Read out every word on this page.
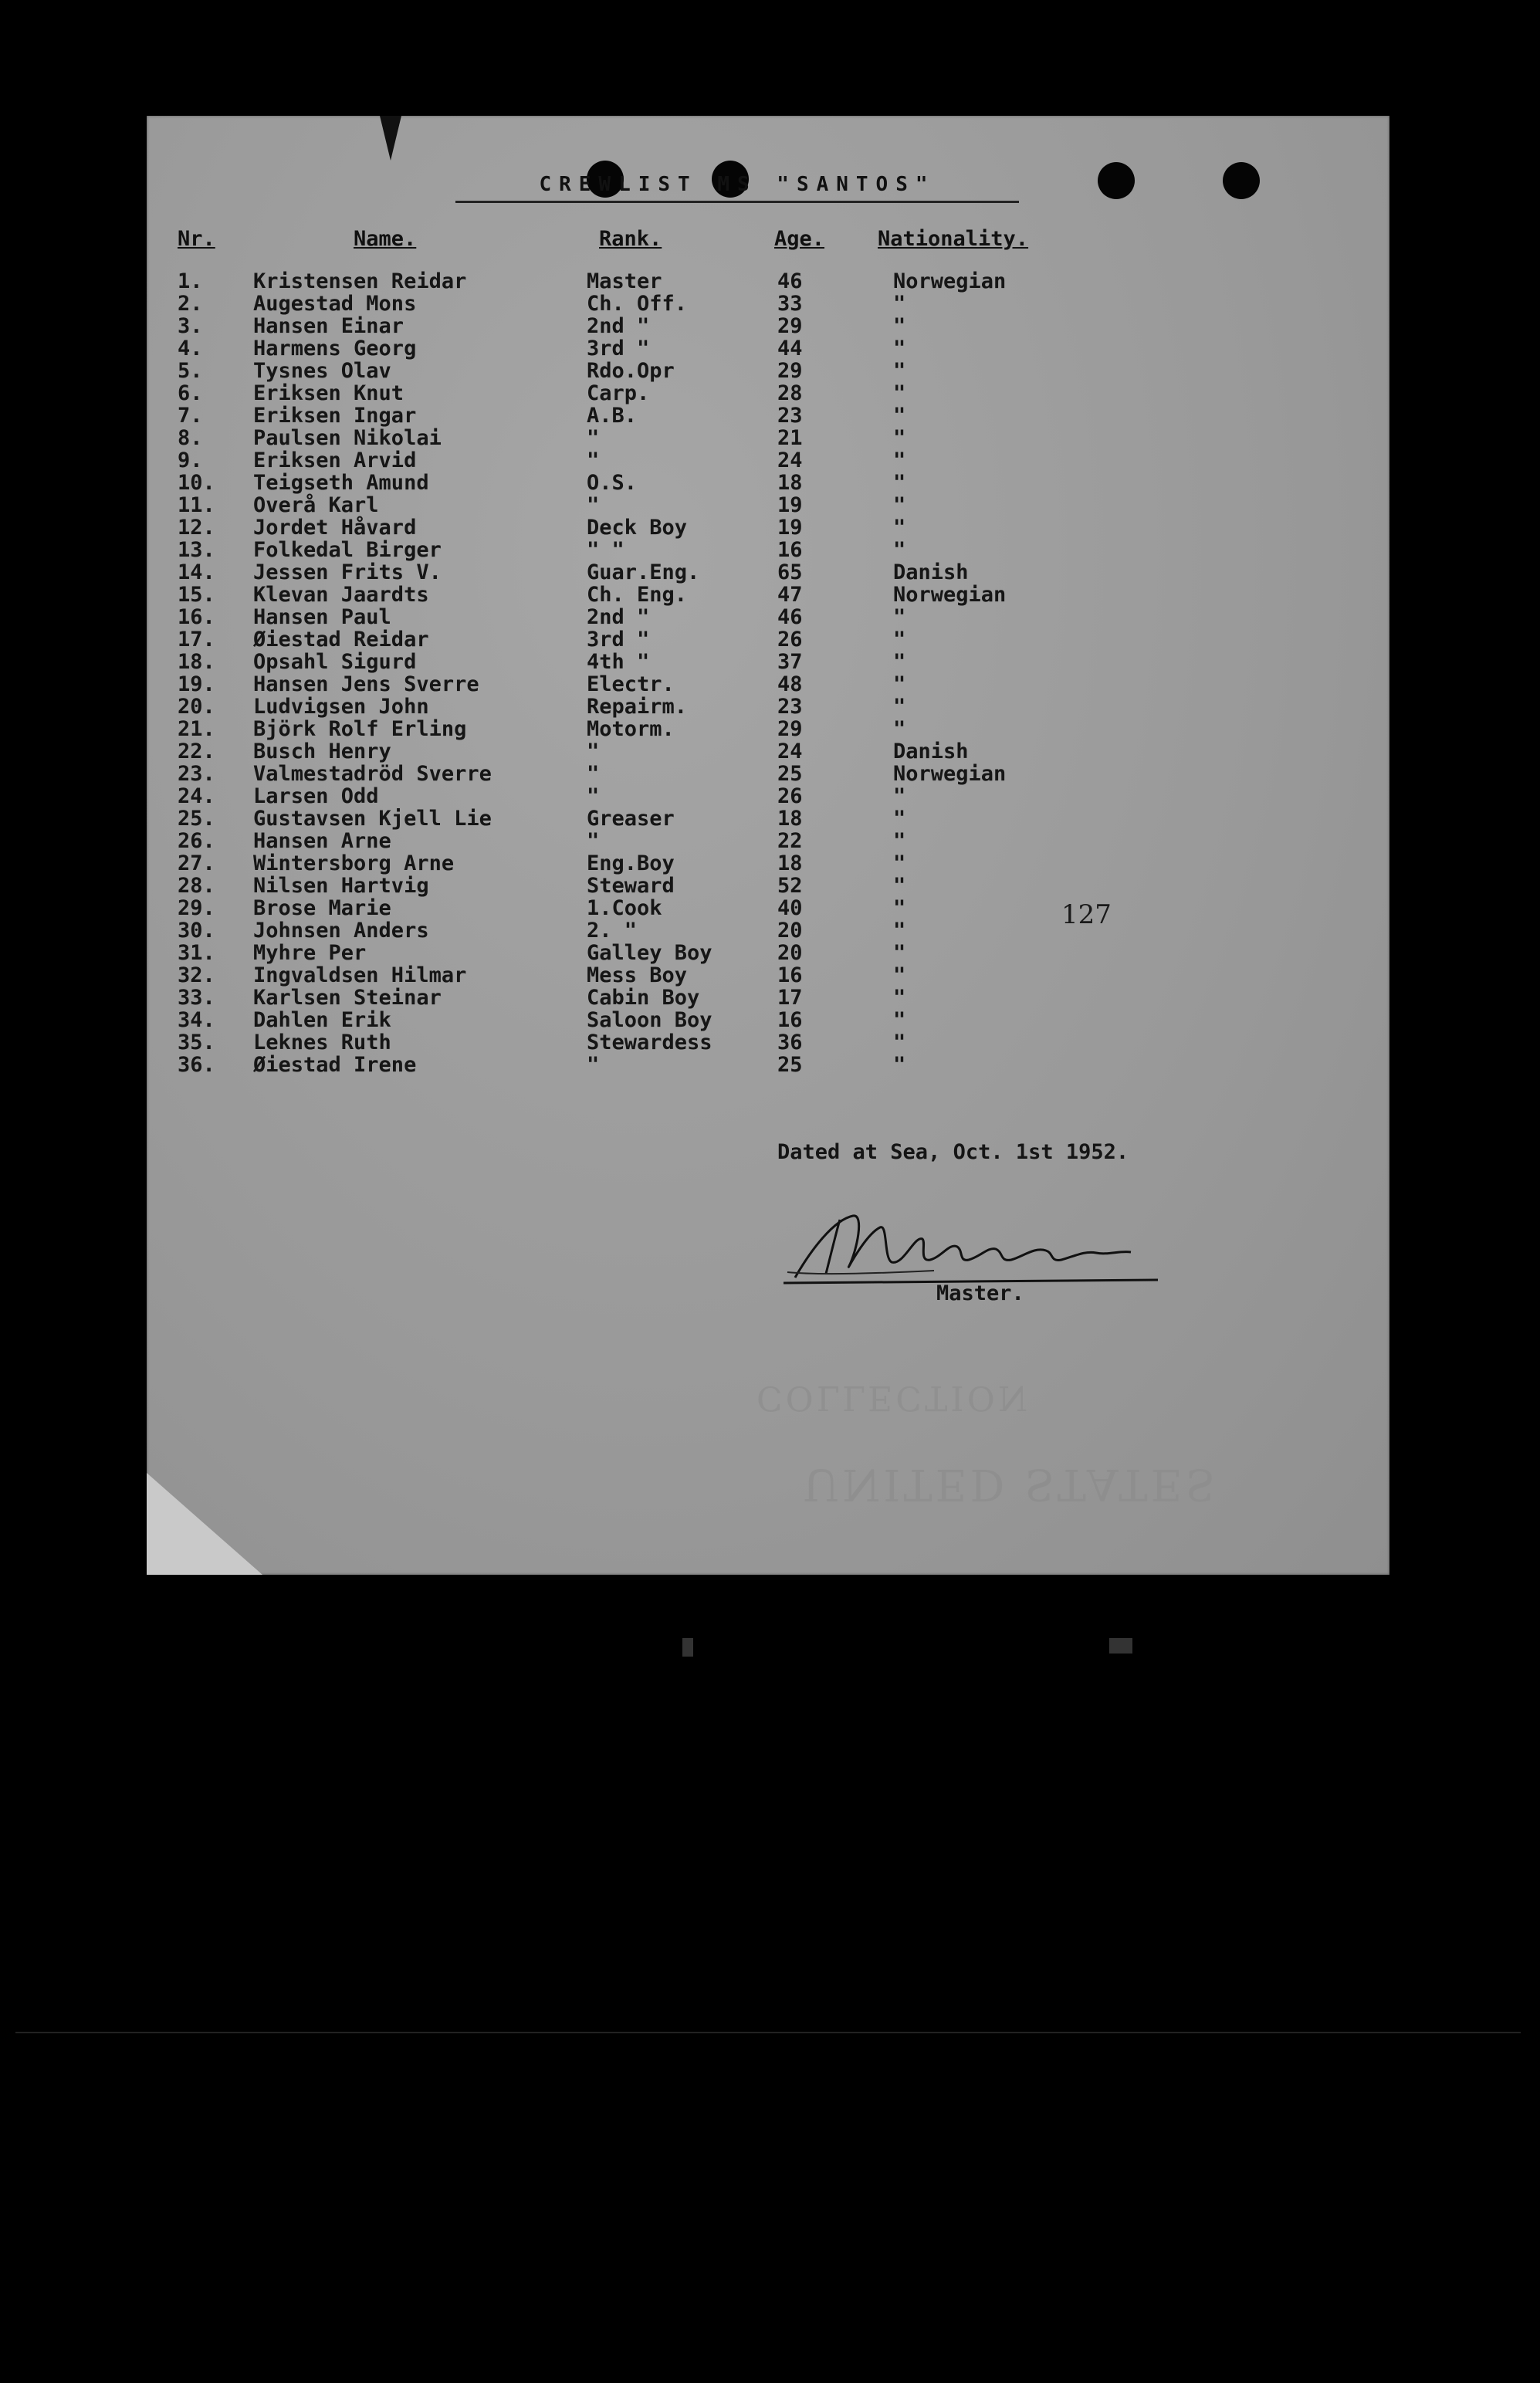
COLLECTION
UNITED STATES
CREWLIST MS "SANTOS"
Nr.	Name.	Rank.	Age.	Nationality.
1. Kristensen Reidar	Master	46	Norwegian
2. Augestad Mons	Ch. Off.	33	"
3. Hansen Einar	2nd "	29	"
4. Harmens Georg	3rd "	44	"
5. Tysnes Olav	Rdo.Opr	29	"
6. Eriksen Knut	Carp.	28	"
7. Eriksen Ingar	A.B.	23	"
8. Paulsen Nikolai	"	21	"
9. Eriksen Arvid	"	24	"
10. Teigseth Amund	O.S.	18	"
11. Overå Karl	"	19	"
12. Jordet Håvard	Deck Boy	19	"
13. Folkedal Birger	" "	16	"
14. Jessen Frits V.	Guar.Eng.	65	Danish
15. Klevan Jaardts	Ch. Eng.	47	Norwegian
16. Hansen Paul	2nd "	46	"
17. Øiestad Reidar	3rd "	26	"
18. Opsahl Sigurd	4th "	37	"
19. Hansen Jens Sverre	Electr.	48	"
20. Ludvigsen John	Repairm.	23	"
21. Björk Rolf Erling	Motorm.	29	"
22. Busch Henry	"	24	Danish
23. Valmestadröd Sverre	"	25	Norwegian
24. Larsen Odd	"	26	"
25. Gustavsen Kjell Lie	Greaser	18	"
26. Hansen Arne	"	22	"
27. Wintersborg Arne	Eng.Boy	18	"
28. Nilsen Hartvig	Steward	52	"
29. Brose Marie	1.Cook	40	"
30. Johnsen Anders	2. "	20	"
31. Myhre Per	Galley Boy	20	"
32. Ingvaldsen Hilmar	Mess Boy	16	"
33. Karlsen Steinar	Cabin Boy	17	"
34. Dahlen Erik	Saloon Boy	16	"
35. Leknes Ruth	Stewardess	36	"
36. Øiestad Irene	"	25	"
127
Dated at Sea, Oct. 1st 1952.
Master.
